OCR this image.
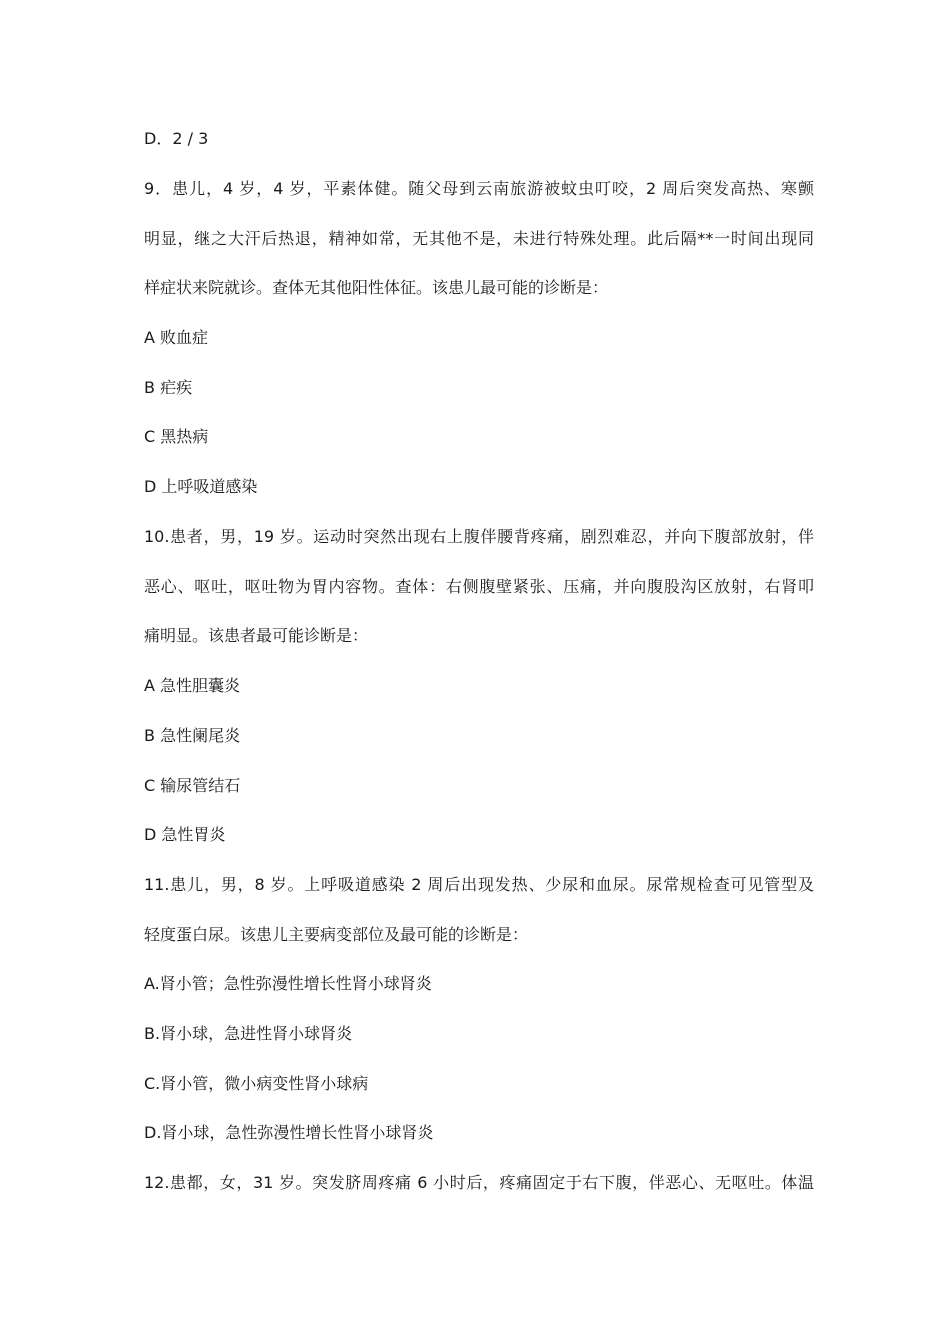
D．2 / 3
9．患儿，4 岁，4 岁，平素体健。随父母到云南旅游被蚊虫叮咬，2 周后突发高热、寒颤
明显，继之大汗后热退，精神如常，无其他不是，未进行特殊处理。此后隔**一时间出现同
样症状来院就诊。查体无其他阳性体征。该患儿最可能的诊断是：
A 败血症
B 疟疾
C 黑热病
D 上呼吸道感染
10.患者，男，19 岁。运动时突然出现右上腹伴腰背疼痛，剧烈难忍，并向下腹部放射，伴
恶心、呕吐，呕吐物为胃内容物。查体：右侧腹壁紧张、压痛，并向腹股沟区放射，右肾叩
痛明显。该患者最可能诊断是：
A 急性胆囊炎
B 急性阑尾炎
C 输尿管结石
D 急性胃炎
11.患儿，男，8 岁。上呼吸道感染 2 周后出现发热、少尿和血尿。尿常规检查可见管型及
轻度蛋白尿。该患儿主要病变部位及最可能的诊断是：
A.肾小管；急性弥漫性增长性肾小球肾炎
B.肾小球，急进性肾小球肾炎
C.肾小管，微小病变性肾小球病
D.肾小球，急性弥漫性增长性肾小球肾炎
12.患都，女，31 岁。突发脐周疼痛 6 小时后，疼痛固定于右下腹，伴恶心、无呕吐。体温
